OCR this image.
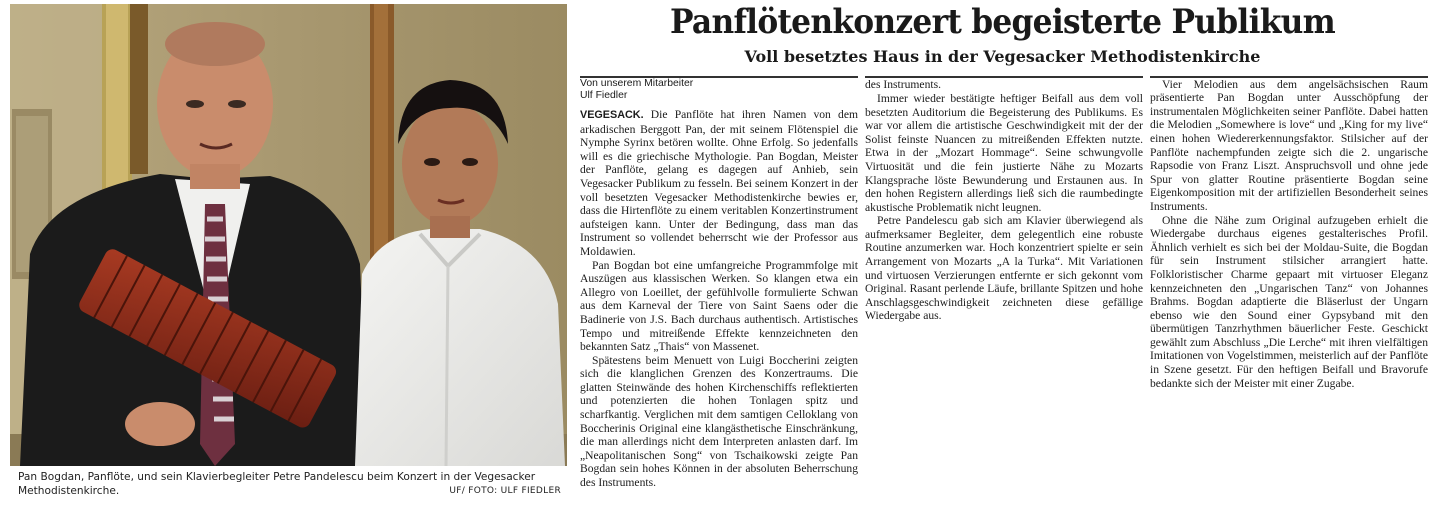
Pan Bogdan, Panflöte, und sein Klavierbegleiter Petre Pandelescu beim Konzert in der Vegesacker Methodistenkirche.	UF/ FOTO: ULF FIEDLER
Panflötenkonzert begeisterte Publikum
Voll besetztes Haus in der Vegesacker Methodistenkirche
Von unserem Mitarbeiter
Ulf Fiedler

VEGESACK. Die Panflöte hat ihren Namen von dem arkadischen Berggott Pan, der mit seinem Flötenspiel die Nymphe Syrinx betören wollte. Ohne Erfolg. So jedenfalls will es die griechische Mythologie. Pan Bogdan, Meister der Panflöte, gelang es dagegen auf Anhieb, sein Vegesacker Publikum zu fesseln. Bei seinem Konzert in der voll besetzten Vegesacker Methodistenkirche bewies er, dass die Hirtenflöte zu einem veritablen Konzertinstrument aufsteigen kann. Unter der Bedingung, dass man das Instrument so vollendet beherrscht wie der Professor aus Moldawien.

Pan Bogdan bot eine umfangreiche Programmfolge mit Auszügen aus klassischen Werken. So klangen etwa ein Allegro von Loeillet, der gefühlvolle formulierte Schwan aus dem Karneval der Tiere von Saint Saens oder die Badinerie von J.S. Bach durchaus authentisch. Artistisches Tempo und mitreißende Effekte kennzeichneten den bekannten Satz „Thais“ von Massenet.

Spätestens beim Menuett von Luigi Boccherini zeigten sich die klanglichen Grenzen des Konzertraums. Die glatten Steinwände des hohen Kirchenschiffs reflektierten und potenzierten die hohen Tonlagen spitz und scharfkantig. Verglichen mit dem samtigen Celloklang von Boccherinis Original eine klangästhetische Einschränkung, die man allerdings nicht dem Interpreten anlasten darf. Im „Neapolitanischen Song“ von Tschaikowski zeigte Pan Bogdan sein hohes Können in der absoluten Beherrschung des Instruments.

des Instruments.

Immer wieder bestätigte heftiger Beifall aus dem voll besetzten Auditorium die Begeisterung des Publikums. Es war vor allem die artistische Geschwindigkeit mit der der Solist feinste Nuancen zu mitreißenden Effekten nutzte. Etwa in der „Mozart Hommage“. Seine schwungvolle Virtuosität und die fein justierte Nähe zu Mozarts Klangsprache löste Bewunderung und Erstaunen aus. In den hohen Registern allerdings ließ sich die raumbedingte akustische Problematik nicht leugnen.

Petre Pandelescu gab sich am Klavier überwiegend als aufmerksamer Begleiter, dem gelegentlich eine robuste Routine anzumerken war. Hoch konzentriert spielte er sein Arrangement von Mozarts „A la Turka“. Mit Variationen und virtuosen Verzierungen entfernte er sich gekonnt vom Original. Rasant perlende Läufe, brillante Spitzen und hohe Anschlagsgeschwindigkeit zeichneten diese gefällige Wiedergabe aus.

Vier Melodien aus dem angelsächsischen Raum präsentierte Pan Bogdan unter Ausschöpfung der instrumentalen Möglichkeiten seiner Panflöte. Dabei hatten die Melodien „Somewhere is love“ und „King for my live“ einen hohen Wiedererkennungsfaktor. Stilsicher auf der Panflöte nachempfunden zeigte sich die 2. ungarische Rapsodie von Franz Liszt. Anspruchsvoll und ohne jede Spur von glatter Routine präsentierte Bogdan seine Eigenkomposition mit der artifiziellen Besonderheit seines Instruments.

Ohne die Nähe zum Original aufzugeben erhielt die Wiedergabe durchaus eigenes gestalterisches Profil. Ähnlich verhielt es sich bei der Moldau-Suite, die Bogdan für sein Instrument stilsicher arrangiert hatte. Folkloristischer Charme gepaart mit virtuoser Eleganz kennzeichneten den „Ungarischen Tanz“ von Johannes Brahms. Bogdan adaptierte die Bläserlust der Ungarn ebenso wie den Sound einer Gypsyband mit den übermütigen Tanzrhythmen bäuerlicher Feste. Geschickt gewählt zum Abschluss „Die Lerche“ mit ihren vielfältigen Imitationen von Vogelstimmen, meisterlich auf der Panflöte in Szene gesetzt. Für den heftigen Beifall und Bravorufe bedankte sich der Meister mit einer Zugabe.
